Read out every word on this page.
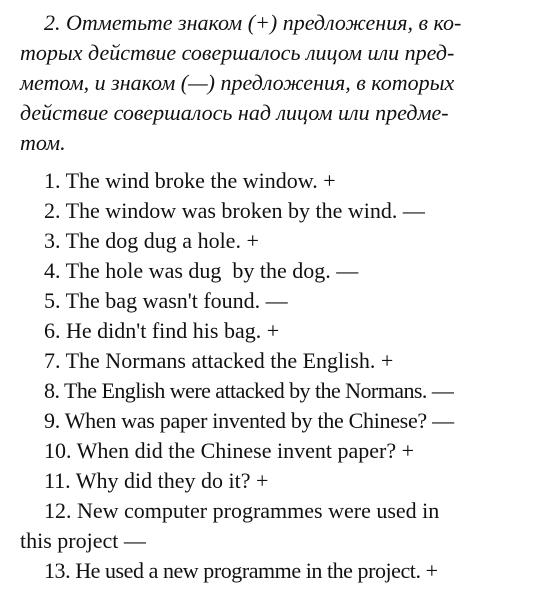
2. Отметьте знаком (+) предложения, в ко-
торых действие совершалось лицом или пред-
метом, и знаком (—) предложения, в которых
действие совершалось над лицом или предме-
том.

1. The wind broke the window. +
2. The window was broken by the wind. —
3. The dog dug a hole. +
4. The hole was dug  by the dog. —
5. The bag wasn't found. —
6. He didn't find his bag. +
7. The Normans attacked the English. +
8. The English were attacked by the Normans. —
9. When was paper invented by the Chinese? —
10. When did the Chinese invent paper? +
11. Why did they do it? +
12. New computer programmes were used in
this project —
13. He used a new programme in the project. +
